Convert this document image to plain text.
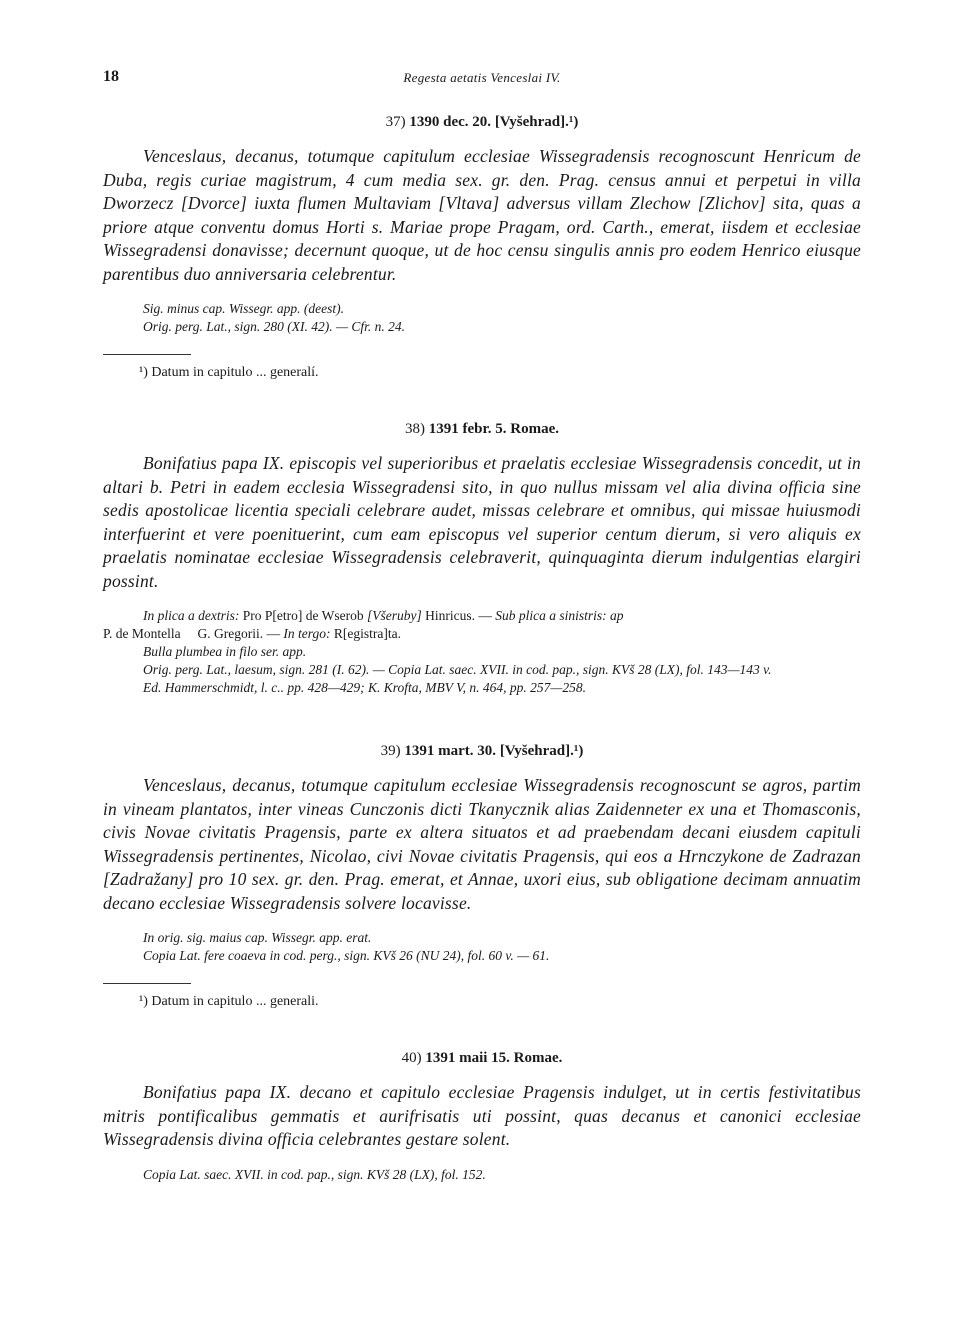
18	Regesta aetatis Venceslai IV.
37) 1390 dec. 20. [Vyšehrad].¹)

Venceslaus, decanus, totumque capitulum ecclesiae Wissegradensis recognoscunt Henricum de Duba, regis curiae magistrum, 4 cum media sex. gr. den. Prag. census annui et perpetui in villa Dworzecz [Dvorce] iuxta flumen Multaviam [Vltava] adversus villam Zlechow [Zlichov] sita, quas a priore atque conventu domus Horti s. Mariae prope Pragam, ord. Carth., emerat, iisdem et ecclesiae Wissegradensi donavisse; decernunt quoque, ut de hoc censu singulis annis pro eodem Henrico eiusque parentibus duo anniversaria celebrentur.

Sig. minus cap. Wissegr. app. (deest).

Orig. perg. Lat., sign. 280 (XI. 42). — Cfr. n. 24.

¹) Datum in capitulo ... generalí.

38) 1391 febr. 5. Romae.

Bonifatius papa IX. episcopis vel superioribus et praelatis ecclesiae Wissegradensis concedit, ut in altari b. Petri in eadem ecclesia Wissegradensi sito, in quo nullus missam vel alia divina officia sine sedis apostolicae licentia speciali celebrare audet, missas celebrare et omnibus, qui missae huiusmodi interfuerint et vere poenituerint, cum eam episcopus vel superior centum dierum, si vero aliquis ex praelatis nominatae ecclesiae Wissegradensis celebraverit, quinquaginta dierum indulgentias elargiri possint.

In plica a dextris: Pro P[etro] de Wserob [Všeruby] Hinricus. — Sub plica a sinistris: ap

P. de Montella G. Gregorii. — In tergo: R[egistra]ta.

Bulla plumbea in filo ser. app.

Orig. perg. Lat., laesum, sign. 281 (I. 62). — Copia Lat. saec. XVII. in cod. pap., sign. KVš 28 (LX), fol. 143—143 v.

Ed. Hammerschmidt, l. c.. pp. 428—429; K. Krofta, MBV V, n. 464, pp. 257—258.

39) 1391 mart. 30. [Vyšehrad].¹)

Venceslaus, decanus, totumque capitulum ecclesiae Wissegradensis recognoscunt se agros, partim in vineam plantatos, inter vineas Cunczonis dicti Tkanycznik alias Zaidenneter ex una et Thomasconis, civis Novae civitatis Pragensis, parte ex altera situatos et ad praebendam decani eiusdem capituli Wissegradensis pertinentes, Nicolao, civi Novae civitatis Pragensis, qui eos a Hrnczykone de Zadrazan [Zadražany] pro 10 sex. gr. den. Prag. emerat, et Annae, uxori eius, sub obligatione decimam annuatim decano ecclesiae Wissegradensis solvere locavisse.

In orig. sig. maius cap. Wissegr. app. erat.

Copia Lat. fere coaeva in cod. perg., sign. KVš 26 (NU 24), fol. 60 v. — 61.

¹) Datum in capitulo ... generali.

40) 1391 maii 15. Romae.

Bonifatius papa IX. decano et capitulo ecclesiae Pragensis indulget, ut in certis festivitatibus mitris pontificalibus gemmatis et aurifrisatis uti possint, quas decanus et canonici ecclesiae Wissegradensis divina officia celebrantes gestare solent.

Copia Lat. saec. XVII. in cod. pap., sign. KVš 28 (LX), fol. 152.
